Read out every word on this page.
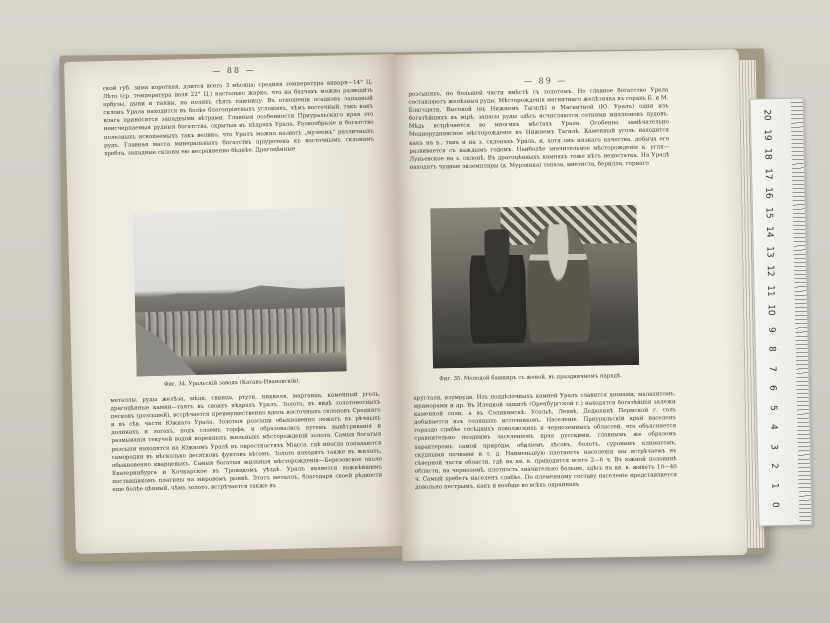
— 88 —
ской губ. зима короткая, длится всего 3 мѣсяца; средняя температура января—14° Ц. Лѣто (ср. температура іюля 22° Ц.) настолько жарко, что на бахчахъ можно разводить арбузы, дыни и тыквы, на поляхъ сѣять пшеницу. Въ отношеніи осадковъ западный склонъ Урала находится въ болѣе благопріятныхъ условіяхъ, чѣмъ восточный, такъ какъ влага приносится западными вѣтрами. Главныя особенности Приуральскаго края это неисчерпаемыя рудныя богатства, скрытыя въ нѣдрахъ Урала. Разнообразіе и богатство полезныхъ ископаемыхъ такъ велико, что Уралъ можно назвать „музеемъ“ различныхъ рудъ. Главная масса минеральныхъ богатствъ пріурочена къ восточнымъ склонамъ хребта, западные склоны ею несравненно бѣднѣе. Драгоцѣнные
Фиг. 34. Уральскій заводъ (Катавъ-Ивановскій).
металлы, руды желѣза, мѣди, свинца, ртути, никкеля, марганца, каменный уголь, драгоцѣнные камни—таятъ въ своихъ нѣдрахъ Уралъ. Золото, въ видѣ золотоносныхъ песковъ (розсыпей), встрѣчается преимущественно вдоль восточныхъ склоновъ Средняго и въ сѣв. части Южнаго Урала. Золотыя розсыпи обыкновенно лежатъ въ рѣчныхъ долинахъ и логахъ, подъ слоемъ торфа, и образовались путемъ вывѣтриванія и размыванія текучей водой коренныхъ жильныхъ мѣсторожденій золота. Самыя богатыя розсыпи находятся на Южномъ Уралѣ въ окрестностяхъ Міасса, гдѣ иногда попадаются самородки въ нѣсколько десятковъ фунтовъ вѣсомъ. Золото находятъ также въ жилахъ, обыкновенно кварцевыхъ. Самыя богатыя жильныя мѣсторожденія—Березовское около Екатеринбурга и Кочкарское въ Троицкомъ уѣздѣ. Уралъ является важнѣйшимъ поставщикомъ платины на мировомъ рынкѣ. Этотъ металлъ, благодаря своей рѣдкости еще болѣе цѣнный, чѣмъ золото, встрѣчается также въ
— 89 —
розсыпяхъ, по большей части вмѣстѣ съ золотомъ. Но главное богатство Урала составляютъ желѣзныя руды. Мѣсторожденія магнитнаго желѣзняка въ горахъ Б. и М. Благодати, Высокой (въ Нижнемъ Тагилѣ) и Магнитной (Ю. Уралъ) одни изъ богатѣйшихъ въ мірѣ, запасы руды здѣсь исчисляются сотнями милліоновъ пудовъ. Мѣдь встрѣчается во многихъ мѣстахъ Урала. Особенно замѣчательно Медноруднянское мѣсторожденіе въ Нижнемъ Тагилѣ. Каменный уголь находится какъ на в., такъ и на з. склонахъ Урала, и, хотя онъ низкаго качества, добыча его развивается съ каждымъ годомъ. Наиболѣе значительное мѣсторожденіе к. угля—Луньевское на з. склонѣ. Въ драгоцѣнныхъ камняхъ тоже нѣтъ недостатка. На Уралѣ находятъ чудные экземпляры (д. Мурзинка) топаза, аметиста, берилла, горнаго
Фиг. 35. Молодой башкиръ съ женой, въ праздничномъ нарядѣ.
хрусталя, изумруда. Изъ поддѣлочныхъ камней Уралъ славится яшмами, малахитомъ, мраморами и др. Въ Илецкой защитѣ (Оренбургской г.) находятся богатѣйшія залежи каменной соли, а въ Соликамскѣ, Усольѣ, Ленвѣ, Дедюхинѣ Пермской г. соль добывается изъ соляныхъ источниковъ. Населеніе. Приуральскій край населенъ гораздо слабѣе сосѣднихъ поволжскихъ и черноземныхъ областей, что объясняется сравнительно позднимъ заселеніемъ края русскими, главнымъ же образомъ характеромъ самой природы, обиліемъ лѣсовъ, болотъ, суровымъ климатомъ, скудными почвами и т. д. Наименьшую плотность населенія мы встрѣчаемъ въ сѣверной части области, гдѣ на кв. в. приходится всего 2—6 ч. Въ южной половинѣ области, на черноземѣ, плотность значительно больше, здѣсь на кв. в. живетъ 10—40 ч. Самый хребетъ населенъ слабѣе. По племенному составу населеніе представляется довольно пестрымъ, какъ и вообще во всѣхъ окраинахъ
20
19
18
17
16
15
14
13
12
11
10
9
8
7
6
5
4
3
2
1
0
